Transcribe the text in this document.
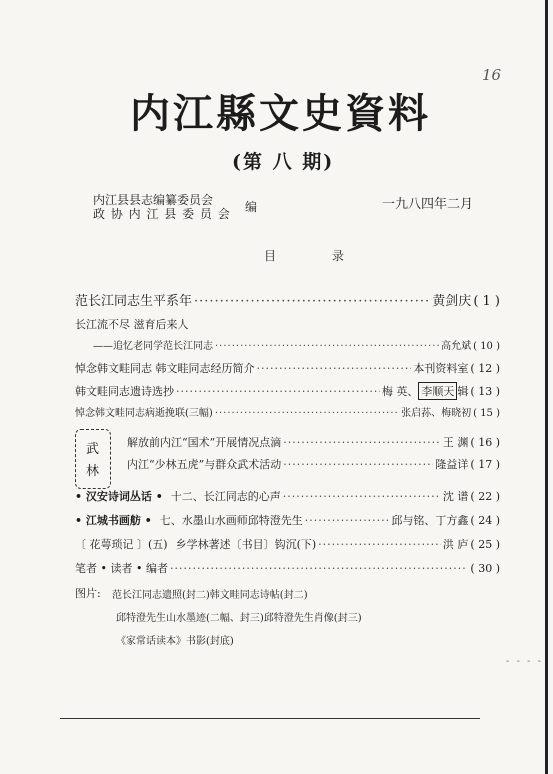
16
内江縣文史資料
(第 八 期)
内江县县志编纂委员会
政 协 内 江 县 委 员 会 编	一九八四年二月
目 录
范长江同志生平系年 ·····	黄剑庆 ( 1 )
长江流不尽 滋育后来人
——追忆老同学范长江同志 ·····	高允斌 ( 10 )
悼念韩文畦同志 韩文畦同志经历简介 ·····	本刊资料室 ( 12 )
韩文畦同志遗诗选抄 ·····	梅 英、 李顺天 辑 ( 13 )
悼念韩文畦同志病逝挽联(三幅) ·····	张启荪、梅晓初 ( 15 )
武
林
解放前内江“国术”开展情况点滴 ·····	王 渊 ( 16 )
内江“少林五虎”与群众武术活动 ·····	隆益详 ( 17 )
• 汉安诗词丛话 • 十二、长江同志的心声 ·····	沈 谱 ( 22 )
• 江城书画舫 • 七、水墨山水画师邱特澄先生 ·····	邱与铭、丁方鑫 ( 24 )
〔 花萼琐记 〕(五) 乡学林著述〔书目〕钩沉(下) ·····	洪 庐 ( 25 )
笔者 • 读者 • 编者 ·····	( 30 )
图片: 范长江同志遗照(封二)韩文畦同志诗帖(封二)
邱特澄先生山水墨迹(二幅、封三)邱特澄先生肖像(封三)
《家常话读本》书影(封底)
- - - -
